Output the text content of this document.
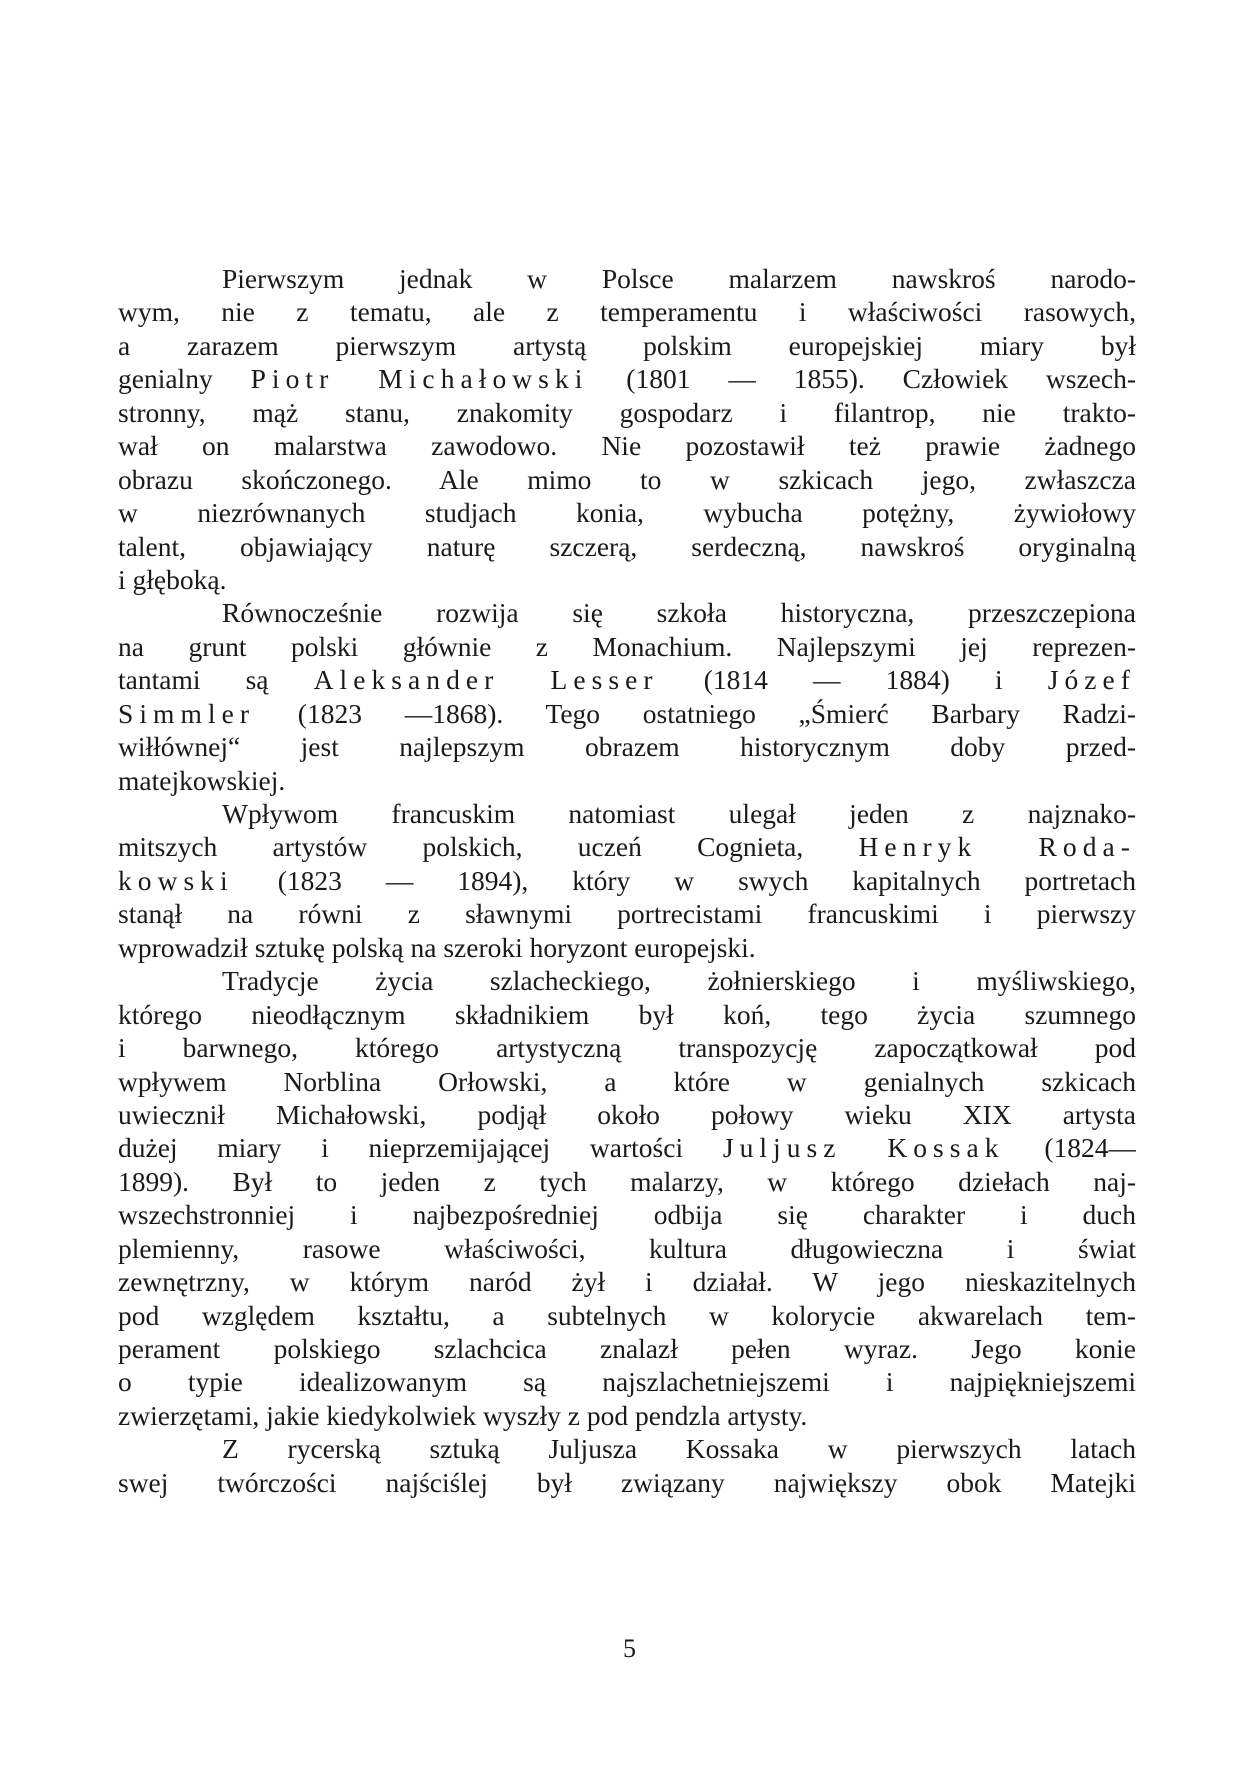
Pierwszym jednak w Polsce malarzem nawskroś narodo-
wym, nie z tematu, ale z temperamentu i właściwości rasowych,
a zarazem pierwszym artystą polskim europejskiej miary był
genialny Piotr Michałowski (1801 — 1855). Człowiek wszech-
stronny, mąż stanu, znakomity gospodarz i filantrop, nie trakto-
wał on malarstwa zawodowo. Nie pozostawił też prawie żadnego
obrazu skończonego. Ale mimo to w szkicach jego, zwłaszcza
w niezrównanych studjach konia, wybucha potężny, żywiołowy
talent, objawiający naturę szczerą, serdeczną, nawskroś oryginalną
i głęboką.
Równocześnie rozwija się szkoła historyczna, przeszczepiona
na grunt polski głównie z Monachium. Najlepszymi jej reprezen-
tantami są Aleksander Lesser (1814 — 1884) i Józef
Simmler (1823 —1868). Tego ostatniego „Śmierć Barbary Radzi-
wiłłównej“ jest najlepszym obrazem historycznym doby przed-
matejkowskiej.
Wpływom francuskim natomiast ulegał jeden z najznako-
mitszych artystów polskich, uczeń Cognieta, Henryk Roda-
kowski (1823 — 1894), który w swych kapitalnych portretach
stanął na równi z sławnymi portrecistami francuskimi i pierwszy
wprowadził sztukę polską na szeroki horyzont europejski.
Tradycje życia szlacheckiego, żołnierskiego i myśliwskiego,
którego nieodłącznym składnikiem był koń, tego życia szumnego
i barwnego, którego artystyczną transpozycję zapoczątkował pod
wpływem Norblina Orłowski, a które w genialnych szkicach
uwiecznił Michałowski, podjął około połowy wieku XIX artysta
dużej miary i nieprzemijającej wartości Juljusz Kossak (1824—
1899). Był to jeden z tych malarzy, w którego dziełach naj-
wszechstronniej i najbezpośredniej odbija się charakter i duch
plemienny, rasowe właściwości, kultura długowieczna i świat
zewnętrzny, w którym naród żył i działał. W jego nieskazitelnych
pod względem kształtu, a subtelnych w kolorycie akwarelach tem-
perament polskiego szlachcica znalazł pełen wyraz. Jego konie
o typie idealizowanym są najszlachetniejszemi i najpiękniejszemi
zwierzętami, jakie kiedykolwiek wyszły z pod pendzla artysty.
Z rycerską sztuką Juljusza Kossaka w pierwszych latach
swej twórczości najściślej był związany największy obok Matejki
5
